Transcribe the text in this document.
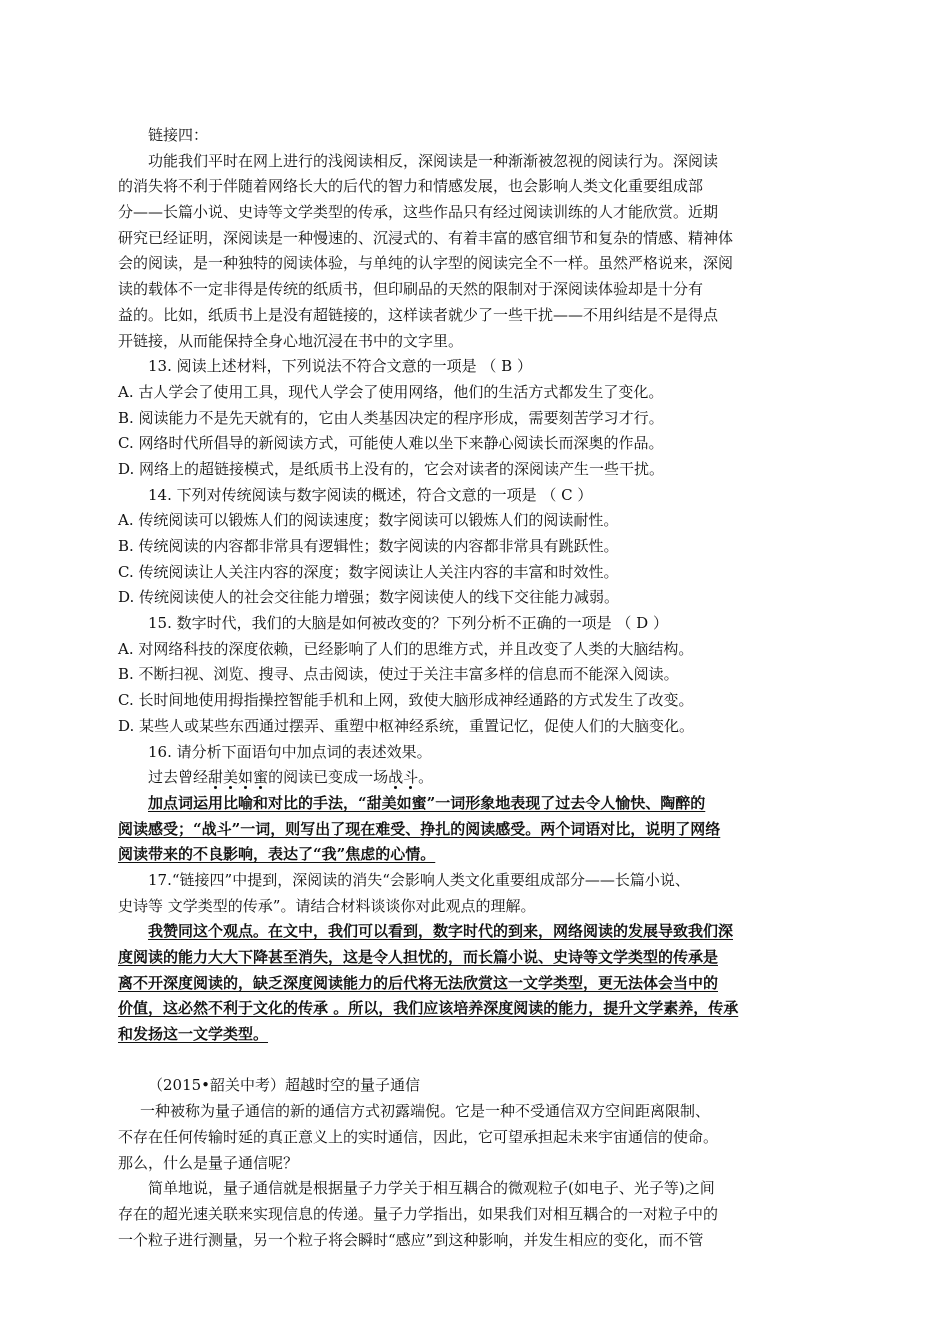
链接四：
功能我们平时在网上进行的浅阅读相反，深阅读是一种渐渐被忽视的阅读行为。深阅读
的消失将不利于伴随着网络长大的后代的智力和情感发展，也会影响人类文化重要组成部
分——长篇小说、史诗等文学类型的传承，这些作品只有经过阅读训练的人才能欣赏。近期
研究已经证明，深阅读是一种慢速的、沉浸式的、有着丰富的感官细节和复杂的情感、精神体
会的阅读，是一种独特的阅读体验，与单纯的认字型的阅读完全不一样。虽然严格说来，深阅
读的载体不一定非得是传统的纸质书，但印刷品的天然的限制对于深阅读体验却是十分有
益的。比如，纸质书上是没有超链接的，这样读者就少了一些干扰——不用纠结是不是得点
开链接，从而能保持全身心地沉浸在书中的文字里。
13. 阅读上述材料，下列说法不符合文意的一项是 （ B ）
A. 古人学会了使用工具，现代人学会了使用网络，他们的生活方式都发生了变化。
B. 阅读能力不是先天就有的，它由人类基因决定的程序形成，需要刻苦学习才行。
C. 网络时代所倡导的新阅读方式，可能使人难以坐下来静心阅读长而深奥的作品。
D. 网络上的超链接模式，是纸质书上没有的，它会对读者的深阅读产生一些干扰。
14. 下列对传统阅读与数字阅读的概述，符合文意的一项是 （ C ）
A. 传统阅读可以锻炼人们的阅读速度；数字阅读可以锻炼人们的阅读耐性。
B. 传统阅读的内容都非常具有逻辑性；数字阅读的内容都非常具有跳跃性。
C. 传统阅读让人关注内容的深度；数字阅读让人关注内容的丰富和时效性。
D. 传统阅读使人的社会交往能力增强；数字阅读使人的线下交往能力减弱。
15. 数字时代，我们的大脑是如何被改变的？下列分析不正确的一项是 （ D ）
A. 对网络科技的深度依赖，已经影响了人们的思维方式，并且改变了人类的大脑结构。
B. 不断扫视、浏览、搜寻、点击阅读，使过于关注丰富多样的信息而不能深入阅读。
C. 长时间地使用拇指操控智能手机和上网，致使大脑形成神经通路的方式发生了改变。
D. 某些人或某些东西通过摆弄、重塑中枢神经系统，重置记忆，促使人们的大脑变化。
16. 请分析下面语句中加点词的表述效果。
过去曾经甜美如蜜的阅读已变成一场战斗。
加点词运用比喻和对比的手法，“甜美如蜜”一词形象地表现了过去令人愉快、陶醉的
阅读感受；“战斗”一词，则写出了现在难受、挣扎的阅读感受。两个词语对比，说明了网络
阅读带来的不良影响，表达了“我”焦虑的心情。
17.“链接四”中提到，深阅读的消失“会影响人类文化重要组成部分——长篇小说、
史诗等 文学类型的传承”。请结合材料谈谈你对此观点的理解。
我赞同这个观点。在文中，我们可以看到，数字时代的到来，网络阅读的发展导致我们深
度阅读的能力大大下降甚至消失，这是令人担忧的，而长篇小说、史诗等文学类型的传承是
离不开深度阅读的，缺乏深度阅读能力的后代将无法欣赏这一文学类型，更无法体会当中的
价值，这必然不利于文化的传承 。所以，我们应该培养深度阅读的能力，提升文学素养，传承
和发扬这一文学类型。
（2015•韶关中考）超越时空的量子通信
一种被称为量子通信的新的通信方式初露端倪。它是一种不受通信双方空间距离限制、
不存在任何传输时延的真正意义上的实时通信，因此，它可望承担起未来宇宙通信的使命。
那么，什么是量子通信呢？
简单地说，量子通信就是根据量子力学关于相互耦合的微观粒子(如电子、光子等)之间
存在的超光速关联来实现信息的传递。量子力学指出，如果我们对相互耦合的一对粒子中的
一个粒子进行测量，另一个粒子将会瞬时“感应”到这种影响，并发生相应的变化，而不管
